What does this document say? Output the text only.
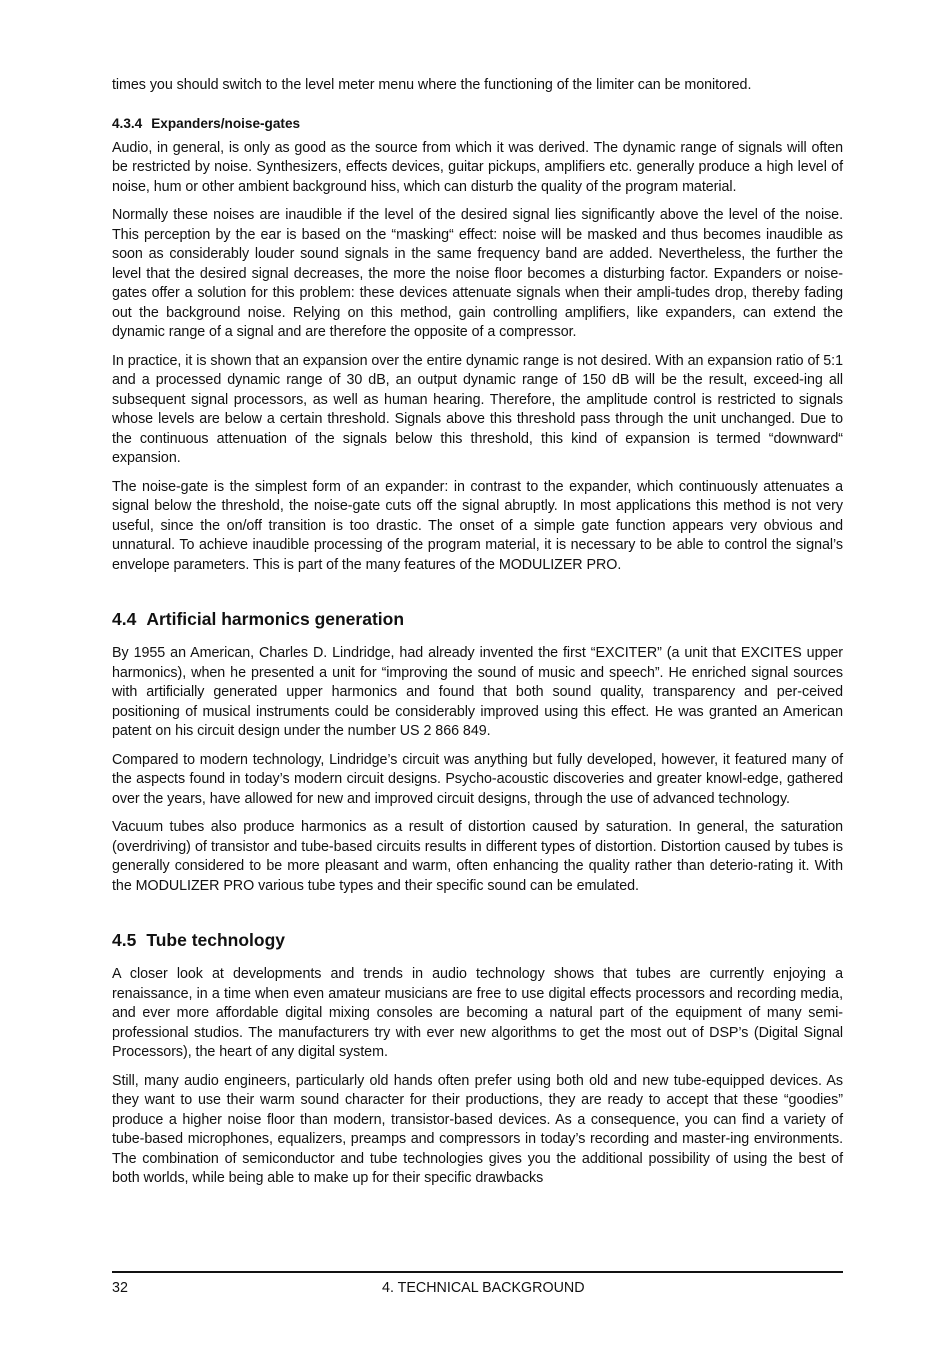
times you should switch to the level meter menu where the functioning of the limiter can be monitored.

4.3.4 Expanders/noise-gates

Audio, in general, is only as good as the source from which it was derived. The dynamic range of signals will often be restricted by noise. Synthesizers, effects devices, guitar pickups, amplifiers etc. generally produce a high level of noise, hum or other ambient background hiss, which can disturb the quality of the program material.

Normally these noises are inaudible if the level of the desired signal lies significantly above the level of the noise. This perception by the ear is based on the “masking“ effect: noise will be masked and thus becomes inaudible as soon as considerably louder sound signals in the same frequency band are added. Nevertheless, the further the level that the desired signal decreases, the more the noise floor becomes a disturbing factor. Expanders or noise-gates offer a solution for this problem: these devices attenuate signals when their ampli-tudes drop, thereby fading out the background noise. Relying on this method, gain controlling amplifiers, like expanders, can extend the dynamic range of a signal and are therefore the opposite of a compressor.

In practice, it is shown that an expansion over the entire dynamic range is not desired. With an expansion ratio of 5:1 and a processed dynamic range of 30 dB, an output dynamic range of 150 dB will be the result, exceed-ing all subsequent signal processors, as well as human hearing. Therefore, the amplitude control is restricted to signals whose levels are below a certain threshold. Signals above this threshold pass through the unit unchanged. Due to the continuous attenuation of the signals below this threshold, this kind of expansion is termed “downward“ expansion.

The noise-gate is the simplest form of an expander: in contrast to the expander, which continuously attenuates a signal below the threshold, the noise-gate cuts off the signal abruptly. In most applications this method is not very useful, since the on/off transition is too drastic. The onset of a simple gate function appears very obvious and unnatural. To achieve inaudible processing of the program material, it is necessary to be able to control the signal’s envelope parameters. This is part of the many features of the MODULIZER PRO.

4.4 Artificial harmonics generation

By 1955 an American, Charles D. Lindridge, had already invented the first “EXCITER” (a unit that EXCITES upper harmonics), when he presented a unit for “improving the sound of music and speech”. He enriched signal sources with artificially generated upper harmonics and found that both sound quality, transparency and per-ceived positioning of musical instruments could be considerably improved using this effect. He was granted an American patent on his circuit design under the number US 2 866 849.

Compared to modern technology, Lindridge’s circuit was anything but fully developed, however, it featured many of the aspects found in today’s modern circuit designs. Psycho-acoustic discoveries and greater knowl-edge, gathered over the years, have allowed for new and improved circuit designs, through the use of advanced technology.

Vacuum tubes also produce harmonics as a result of distortion caused by saturation. In general, the saturation (overdriving) of transistor and tube-based circuits results in different types of distortion. Distortion caused by tubes is generally considered to be more pleasant and warm, often enhancing the quality rather than deterio-rating it. With the MODULIZER PRO various tube types and their specific sound can be emulated.

4.5 Tube technology

A closer look at developments and trends in audio technology shows that tubes are currently enjoying a renaissance, in a time when even amateur musicians are free to use digital effects processors and recording media, and ever more affordable digital mixing consoles are becoming a natural part of the equipment of many semi-professional studios. The manufacturers try with ever new algorithms to get the most out of DSP’s (Digital Signal Processors), the heart of any digital system.

Still, many audio engineers, particularly old hands often prefer using both old and new tube-equipped devices. As they want to use their warm sound character for their productions, they are ready to accept that these “goodies” produce a higher noise floor than modern, transistor-based devices. As a consequence, you can find a variety of tube-based microphones, equalizers, preamps and compressors in today’s recording and master-ing environments. The combination of semiconductor and tube technologies gives you the additional possibility of using the best of both worlds, while being able to make up for their specific drawbacks

32	4. TECHNICAL BACKGROUND
